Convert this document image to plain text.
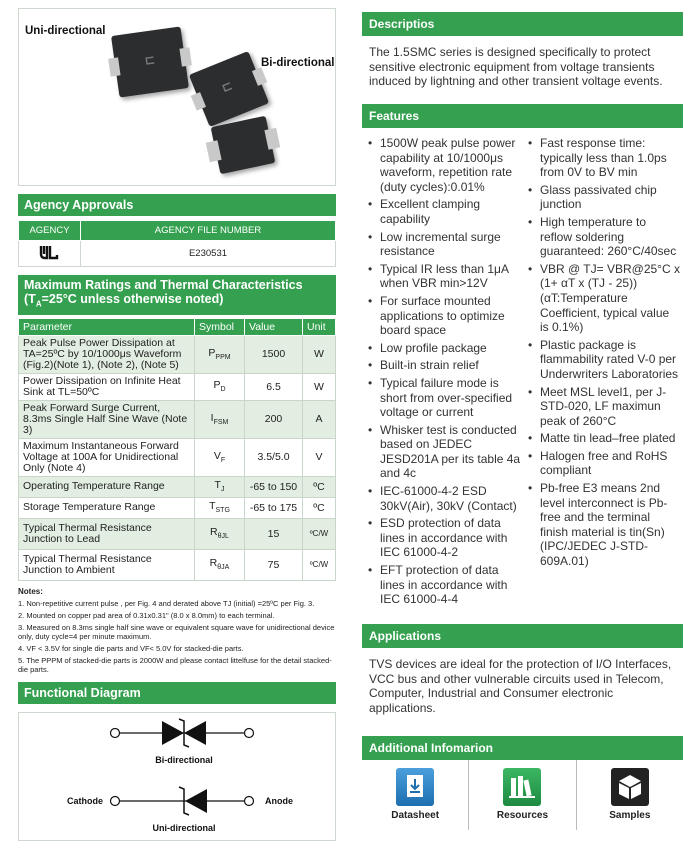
Uni-directional
Bi-directional
⊏
⊏
Agency Approvals
AGENCY	AGENCY FILE NUMBER
	E230531
Maximum Ratings and Thermal Characteristics
($T_A=25^\circ C$ unless otherwise noted)
Parameter	Symbol	Value	Unit
Peak Pulse Power Dissipation at TA=25ºC by 10/1000μs Waveform (Fig.2)(Note 1), (Note 2), (Note 5)	$P_{PPM}$	1500	W
Power Dissipation on Infinite Heat Sink at TL=50ºC	$P_D$	6.5	W
Peak Forward Surge Current, 8.3ms Single Half Sine Wave (Note 3)	$I_{FSM}$	200	A
Maximum Instantaneous Forward Voltage at 100A for Unidirectional Only (Note 4)	$V_F$	3.5/5.0	V
Operating Temperature Range	$T_J$	-65 to 150	ºC
Storage Temperature Range	$T_{STG}$	-65 to 175	ºC
Typical Thermal Resistance Junction to Lead	$R_{\theta JL}$	15	ºC/W
Typical Thermal Resistance Junction to Ambient	$R_{\theta JA}$	75	ºC/W
Notes:

1. Non-repetitive current pulse , per Fig. 4 and derated above TJ (initial) =25ºC per Fig. 3.

2. Mounted on copper pad area of 0.31x0.31" (8.0 x 8.0mm) to each terminal.

3. Measured on 8.3ms single half sine wave or equivalent square wave for unidirectional device only, duty cycle=4 per minute maximum.

4. VF < 3.5V for single die parts and VF< 5.0V for stacked-die parts.

5. The PPPM of stacked-die parts is 2000W and please contact littelfuse for the detail stacked-die parts.

Functional Diagram
Bi-directional
Cathode	Anode
Uni-directional
Descriptios
The 1.5SMC series is designed specifically to protect sensitive electronic equipment from voltage transients induced by lightning and other transient voltage events.
Features
• 1500W peak pulse power capability at 10/1000μs waveform, repetition rate (duty cycles):0.01%
• Excellent clamping capability
• Low incremental surge resistance
• Typical IR less than 1μA when VBR min>12V
• For surface mounted applications to optimize board space
• Low profile package
• Built-in strain relief
• Typical failure mode is short from over-specified voltage or current
• Whisker test is conducted based on JEDEC JESD201A per its table 4a and 4c
• IEC-61000-4-2 ESD 30kV(Air), 30kV (Contact)
• ESD protection of data lines in accordance with IEC 61000-4-2
• EFT protection of data lines in accordance with IEC 61000-4-4
• Fast response time: typically less than 1.0ps from 0V to BV min
• Glass passivated chip junction
• High temperature to reflow soldering guaranteed: 260°C/40sec
• VBR @ TJ= VBR@25°C x (1+ αT x (TJ - 25)) (αT:Temperature Coefficient, typical value is 0.1%)
• Plastic package is flammability rated V-0 per Underwriters Laboratories
• Meet MSL level1, per J-STD-020, LF maximun peak of 260°C
• Matte tin lead–free plated
• Halogen free and RoHS compliant
• Pb-free E3 means 2nd level interconnect is Pb-free and the terminal finish material is tin(Sn) (IPC/JEDEC J-STD-609A.01)
Applications
TVS devices are ideal for the protection of I/O Interfaces, VCC bus and other vulnerable circuits used in Telecom, Computer, Industrial and Consumer electronic applications.
Additional Infomarion
Datasheet	Resources	Samples
